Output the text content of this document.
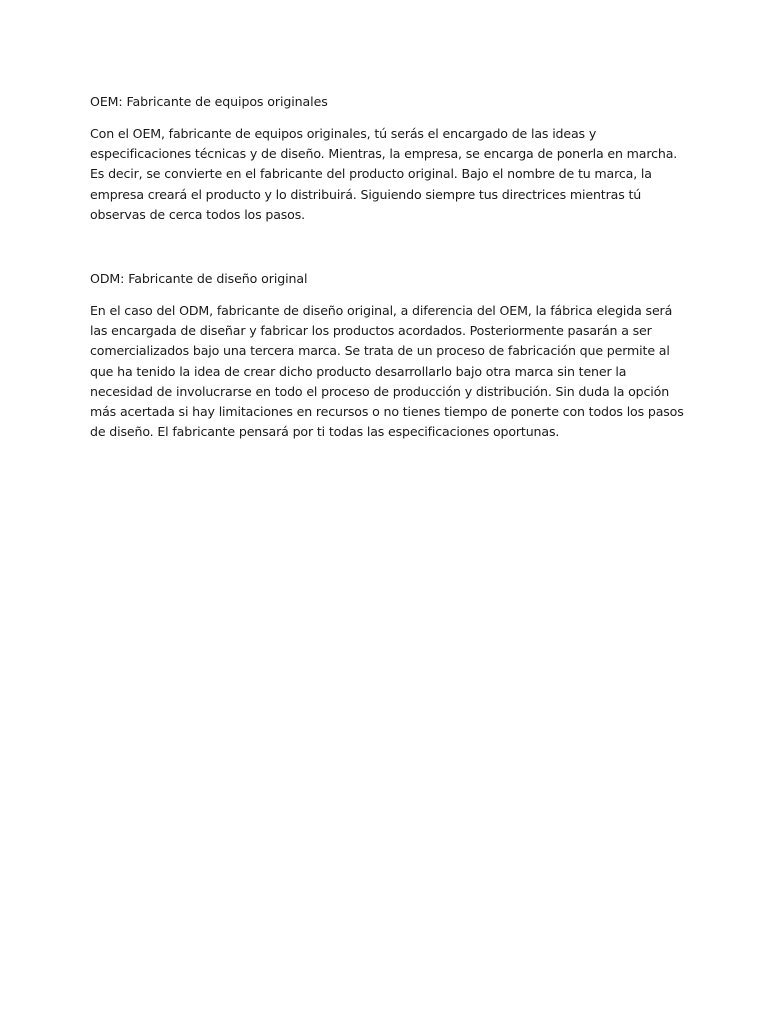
OEM: Fabricante de equipos originales

Con el OEM, fabricante de equipos originales, tú serás el encargado de las ideas y especificaciones técnicas y de diseño. Mientras, la empresa, se encarga de ponerla en marcha. Es decir, se convierte en el fabricante del producto original. Bajo el nombre de tu marca, la empresa creará el producto y lo distribuirá. Siguiendo siempre tus directrices mientras tú observas de cerca todos los pasos.

ODM: Fabricante de diseño original

En el caso del ODM, fabricante de diseño original, a diferencia del OEM, la fábrica elegida será las encargada de diseñar y fabricar los productos acordados. Posteriormente pasarán a ser comercializados bajo una tercera marca. Se trata de un proceso de fabricación que permite al que ha tenido la idea de crear dicho producto desarrollarlo bajo otra marca sin tener la necesidad de involucrarse en todo el proceso de producción y distribución. Sin duda la opción más acertada si hay limitaciones en recursos o no tienes tiempo de ponerte con todos los pasos de diseño. El fabricante pensará por ti todas las especificaciones oportunas.
